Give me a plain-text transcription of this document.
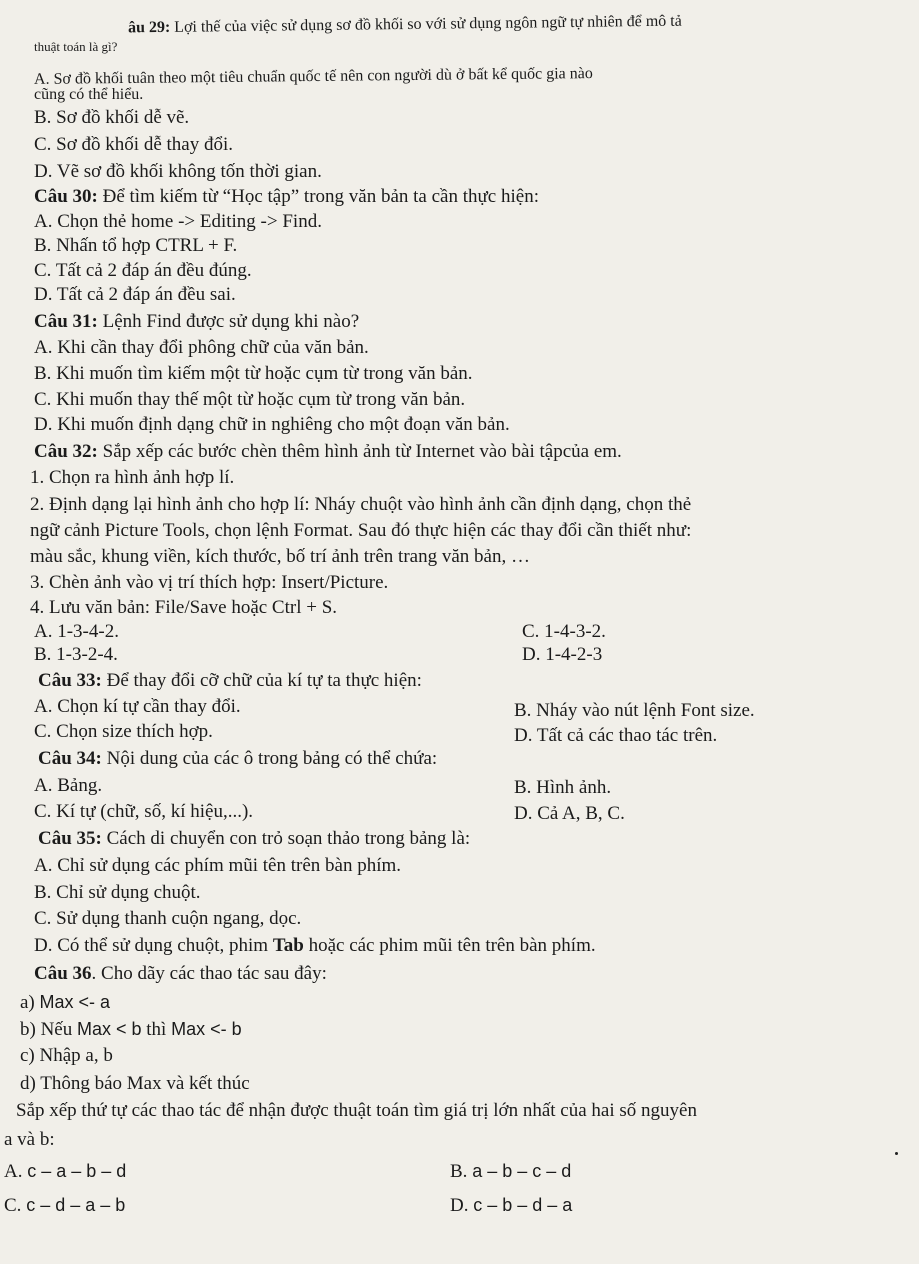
âu 29: Lợi thế của việc sử dụng sơ đồ khối so với sử dụng ngôn ngữ tự nhiên để mô tả
thuật toán là gì?
A. Sơ đồ khối tuân theo một tiêu chuẩn quốc tế nên con người dù ở bất kể quốc gia nào
cũng có thể hiểu.
B. Sơ đồ khối dễ vẽ.
C. Sơ đồ khối dễ thay đổi.
D. Vẽ sơ đồ khối không tốn thời gian.
Câu 30: Để tìm kiếm từ “Học tập” trong văn bản ta cần thực hiện:
A. Chọn thẻ home -> Editing -> Find.
B. Nhấn tổ hợp CTRL + F.
C. Tất cả 2 đáp án đều đúng.
D. Tất cả 2 đáp án đều sai.
Câu 31: Lệnh Find được sử dụng khi nào?
A. Khi cần thay đổi phông chữ của văn bản.
B. Khi muốn tìm kiếm một từ hoặc cụm từ trong văn bản.
C. Khi muốn thay thế một từ hoặc cụm từ trong văn bản.
D. Khi muốn định dạng chữ in nghiêng cho một đoạn văn bản.
Câu 32: Sắp xếp các bước chèn thêm hình ảnh từ Internet vào bài tậpcủa em.
1. Chọn ra hình ảnh hợp lí.
2. Định dạng lại hình ảnh cho hợp lí: Nháy chuột vào hình ảnh cần định dạng, chọn thẻ
ngữ cảnh Picture Tools, chọn lệnh Format. Sau đó thực hiện các thay đổi cần thiết như:
màu sắc, khung viền, kích thước, bố trí ảnh trên trang văn bản, …
3. Chèn ảnh vào vị trí thích hợp: Insert/Picture.
4. Lưu văn bản: File/Save hoặc Ctrl + S.
A. 1-3-4-2.	C. 1-4-3-2.
B. 1-3-2-4.	D. 1-4-2-3
Câu 33: Để thay đổi cỡ chữ của kí tự ta thực hiện:
A. Chọn kí tự cần thay đổi.	B. Nháy vào nút lệnh Font size.
C. Chọn size thích hợp.	D. Tất cả các thao tác trên.
Câu 34: Nội dung của các ô trong bảng có thể chứa:
A. Bảng.	B. Hình ảnh.
C. Kí tự (chữ, số, kí hiệu,...).	D. Cả A, B, C.
Câu 35: Cách di chuyển con trỏ soạn thảo trong bảng là:
A. Chỉ sử dụng các phím mũi tên trên bàn phím.
B. Chỉ sử dụng chuột.
C. Sử dụng thanh cuộn ngang, dọc.
D. Có thể sử dụng chuột, phim Tab hoặc các phim mũi tên trên bàn phím.
Câu 36. Cho dãy các thao tác sau đây:
a) Max <- a
b) Nếu Max < b thì Max <- b
c) Nhập a, b
d) Thông báo Max và kết thúc
Sắp xếp thứ tự các thao tác để nhận được thuật toán tìm giá trị lớn nhất của hai số nguyên
a và b:
A. c – a – b – d	B. a – b – c – d
C. c – d – a – b	D. c – b – d – a
